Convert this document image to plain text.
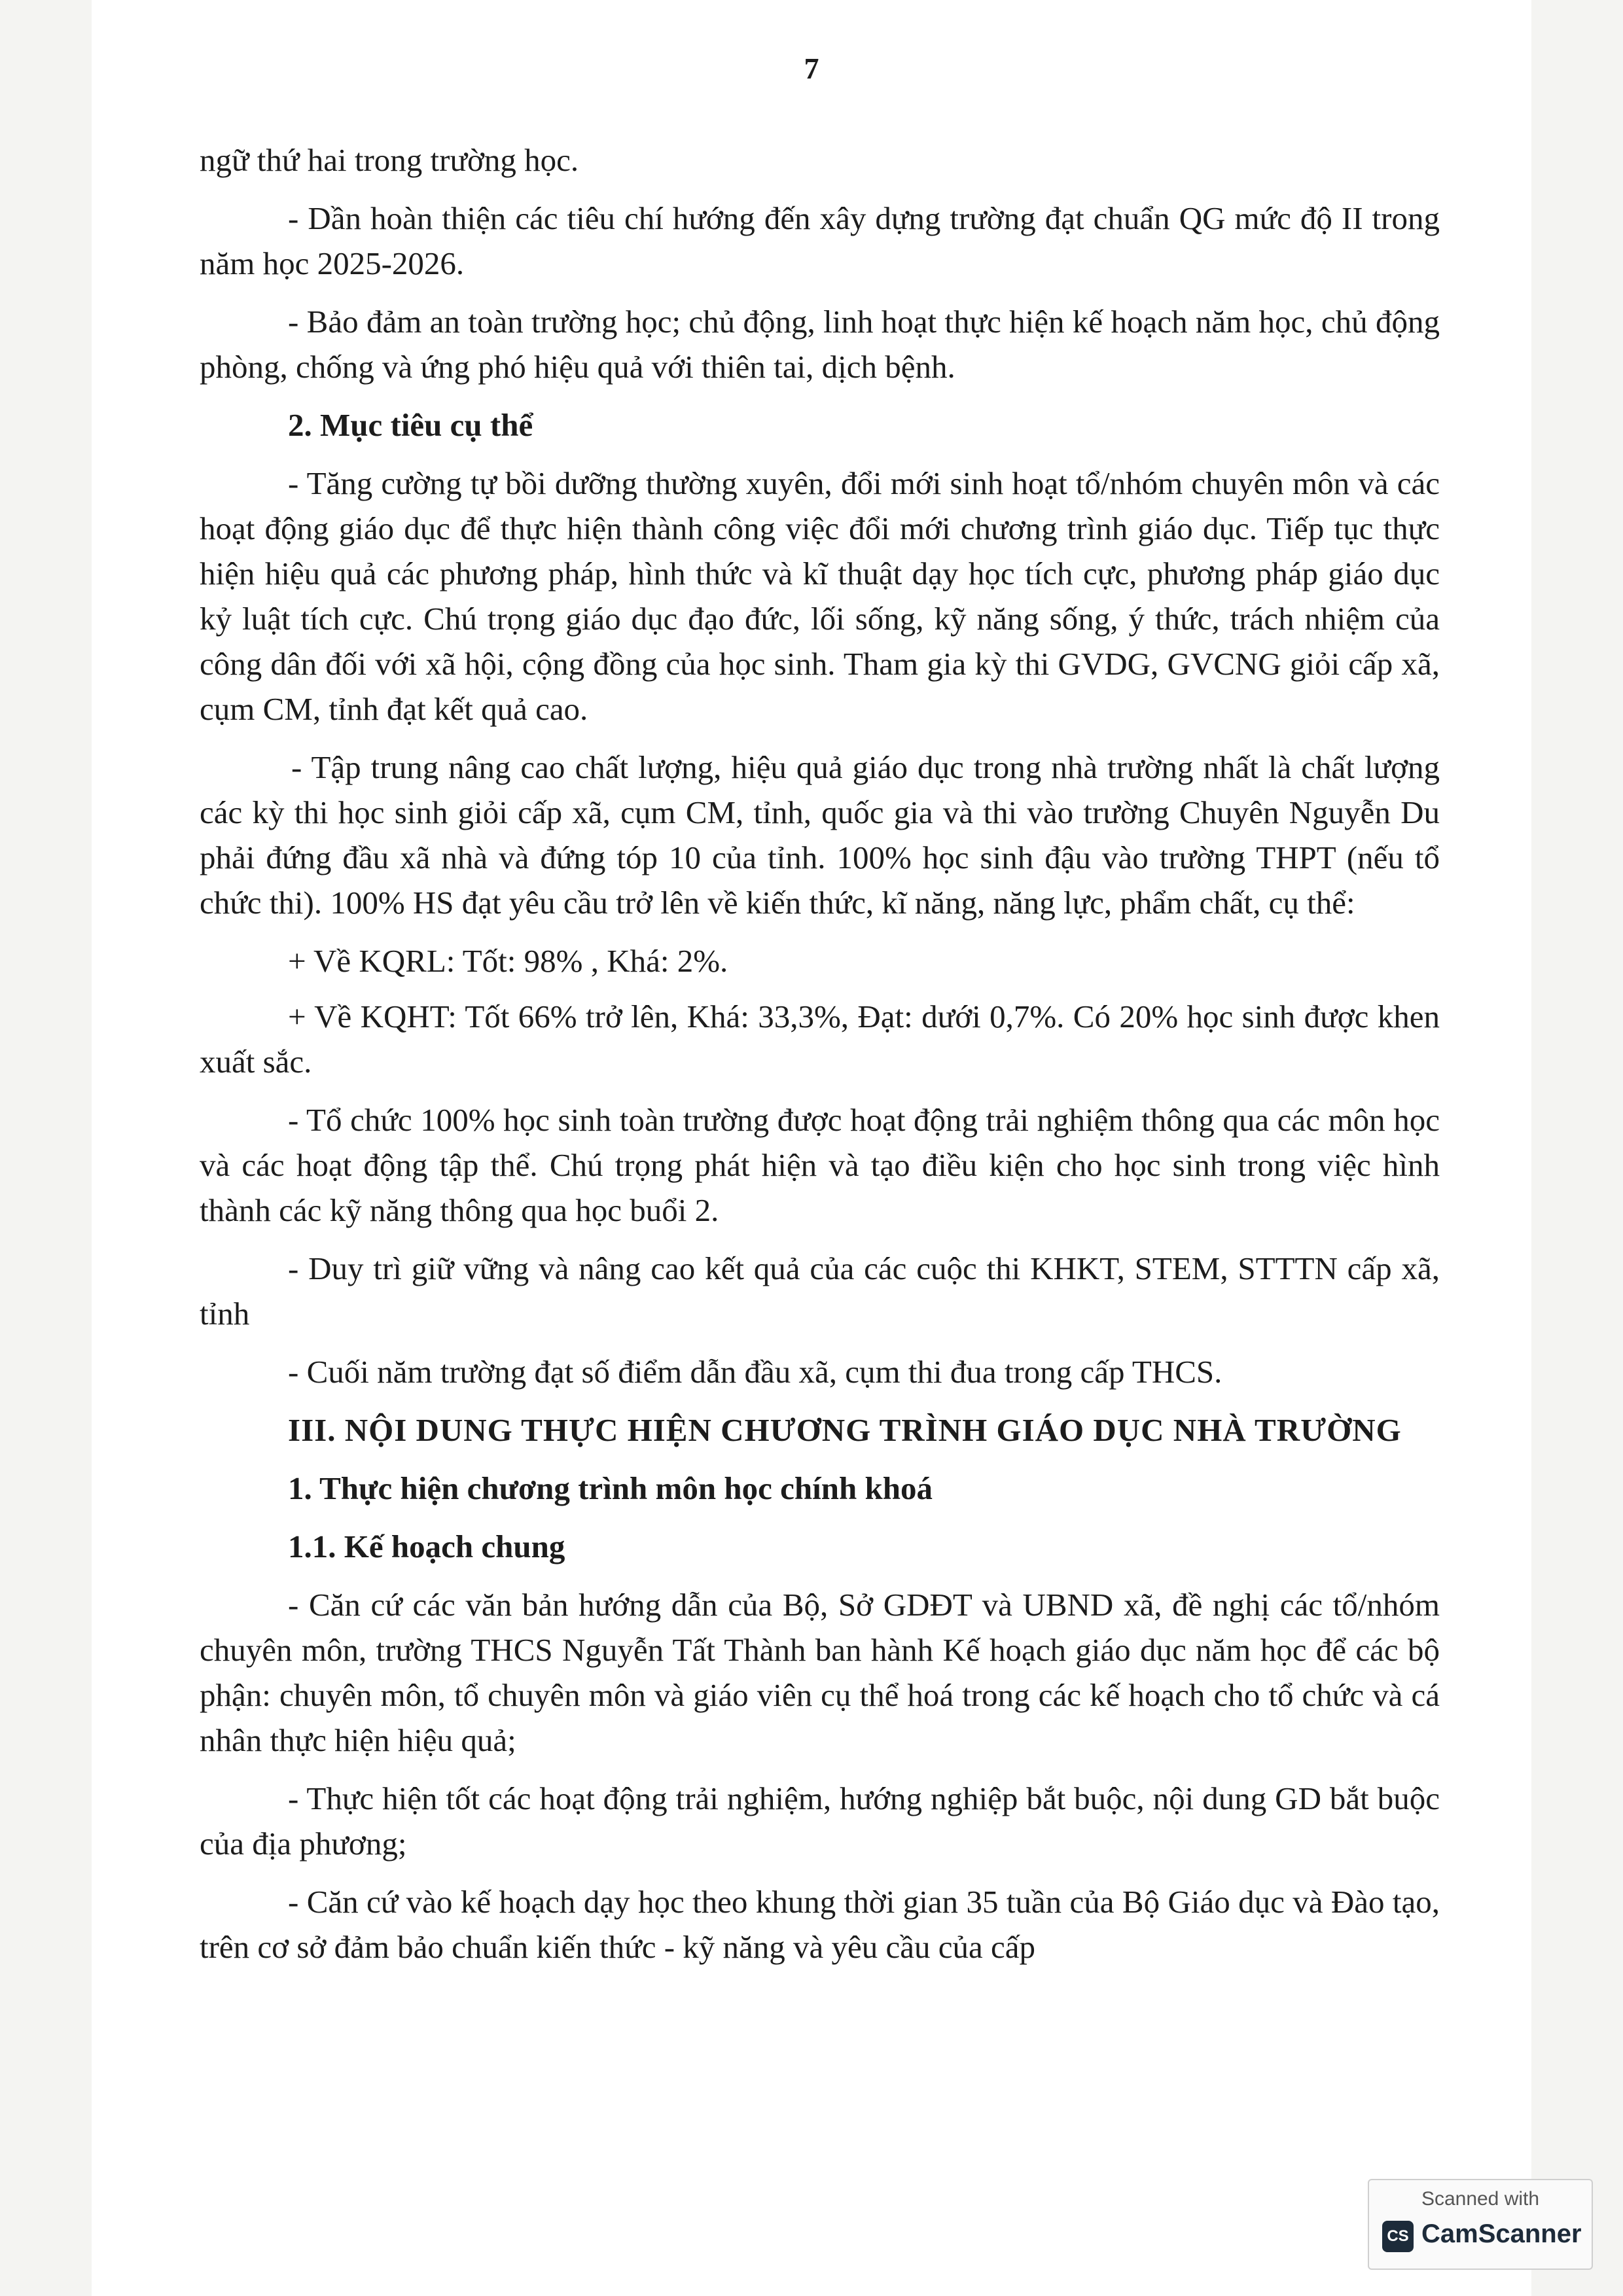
7

ngữ thứ hai trong trường học.

- Dần hoàn thiện các tiêu chí hướng đến xây dựng trường đạt chuẩn QG mức độ II trong năm học 2025-2026.

- Bảo đảm an toàn trường học; chủ động, linh hoạt thực hiện kế hoạch năm học, chủ động phòng, chống và ứng phó hiệu quả với thiên tai, dịch bệnh.

2. Mục tiêu cụ thể

- Tăng cường tự bồi dưỡng thường xuyên, đổi mới sinh hoạt tổ/nhóm chuyên môn và các hoạt động giáo dục để thực hiện thành công việc đổi mới chương trình giáo dục. Tiếp tục thực hiện hiệu quả các phương pháp, hình thức và kĩ thuật dạy học tích cực, phương pháp giáo dục kỷ luật tích cực. Chú trọng giáo dục đạo đức, lối sống, kỹ năng sống, ý thức, trách nhiệm của công dân đối với xã hội, cộng đồng của học sinh. Tham gia kỳ thi GVDG, GVCNG giỏi cấp xã, cụm CM, tỉnh đạt kết quả cao.

- Tập trung nâng cao chất lượng, hiệu quả giáo dục trong nhà trường nhất là chất lượng các kỳ thi học sinh giỏi cấp xã, cụm CM, tỉnh, quốc gia và thi vào trường Chuyên Nguyễn Du phải đứng đầu xã nhà và đứng tóp 10 của tỉnh. 100% học sinh đậu vào trường THPT (nếu tổ chức thi). 100% HS đạt yêu cầu trở lên về kiến thức, kĩ năng, năng lực, phẩm chất, cụ thể:

+ Về KQRL: Tốt: 98% , Khá: 2%.

+ Về KQHT: Tốt 66% trở lên, Khá: 33,3%, Đạt: dưới 0,7%. Có 20% học sinh được khen xuất sắc.

- Tổ chức 100% học sinh toàn trường được hoạt động trải nghiệm thông qua các môn học và các hoạt động tập thể. Chú trọng phát hiện và tạo điều kiện cho học sinh trong việc hình thành các kỹ năng thông qua học buổi 2.

- Duy trì giữ vững và nâng cao kết quả của các cuộc thi KHKT, STEM, STTTN cấp xã, tỉnh

- Cuối năm trường đạt số điểm dẫn đầu xã, cụm thi đua trong cấp THCS.

III. NỘI DUNG THỰC HIỆN CHƯƠNG TRÌNH GIÁO DỤC NHÀ TRƯỜNG

1. Thực hiện chương trình môn học chính khoá

1.1. Kế hoạch chung

- Căn cứ các văn bản hướng dẫn của Bộ, Sở GDĐT và UBND xã, đề nghị các tổ/nhóm chuyên môn, trường THCS Nguyễn Tất Thành ban hành Kế hoạch giáo dục năm học để các bộ phận: chuyên môn, tổ chuyên môn và giáo viên cụ thể hoá trong các kế hoạch cho tổ chức và cá nhân thực hiện hiệu quả;

- Thực hiện tốt các hoạt động trải nghiệm, hướng nghiệp bắt buộc, nội dung GD bắt buộc của địa phương;

- Căn cứ vào kế hoạch dạy học theo khung thời gian 35 tuần của Bộ Giáo dục và Đào tạo, trên cơ sở đảm bảo chuẩn kiến thức - kỹ năng và yêu cầu của cấp

Scanned with
CS CamScanner
